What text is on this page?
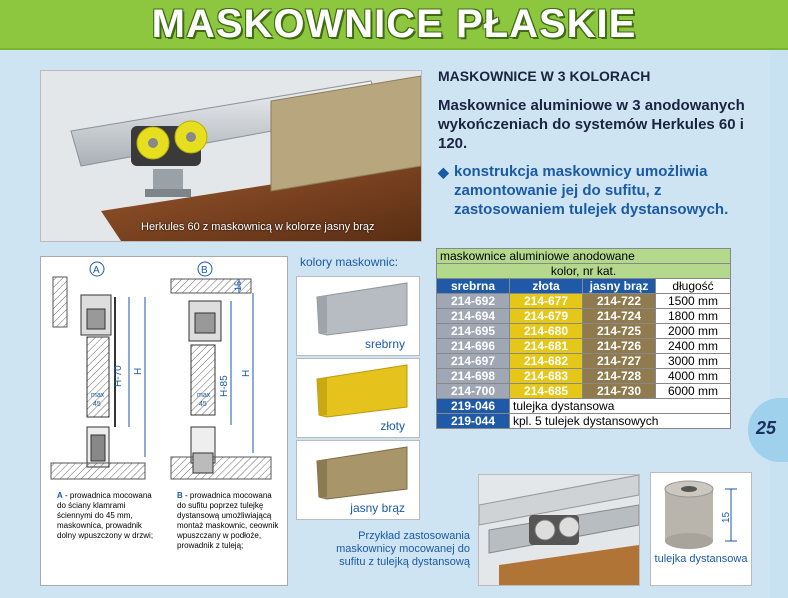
MASKOWNICE PŁASKIE
Herkules 60 z maskownicą w kolorze jasny brąz
MASKOWNICE W 3 KOLORACH
Maskownice aluminiowe w 3 anodowanych wykończeniach do systemów Herkules 60 i 120.
◆ konstrukcja maskownicy umożliwia zamontowanie jej do sufitu, z zastosowaniem tulejek dystansowych.
maskownice aluminiowe anodowane			
kolor, nr kat.			
srebrna	złota	jasny brąz	długość
214-692	214-677	214-722	1500 mm
214-694	214-679	214-724	1800 mm
214-695	214-680	214-725	2000 mm
214-696	214-681	214-726	2400 mm
214-697	214-682	214-727	3000 mm
214-698	214-683	214-728	4000 mm
214-700	214-685	214-730	6000 mm
219-046	tulejka dystansowa		
219-044	kpl. 5 tulejek dystansowych		
A
max
45
H-70 H
B
max
45
15
H-85
H
A - prowadnica mocowana do ściany klamrami ściennymi do 45 mm, maskownica, prowadnik dolny wpuszczony w drzwi;
B - prowadnica mocowana do sufitu poprzez tulejkę dystansową umożliwiającą montaż maskownic, ceownik wpuszczany w podłoże, prowadnik z tuleją;
kolory maskownic:
srebrny
złoty
jasny brąz
Przykład zastosowania maskownicy mocowanej do sufitu z tulejką dystansową
15
tulejka dystansowa
25
